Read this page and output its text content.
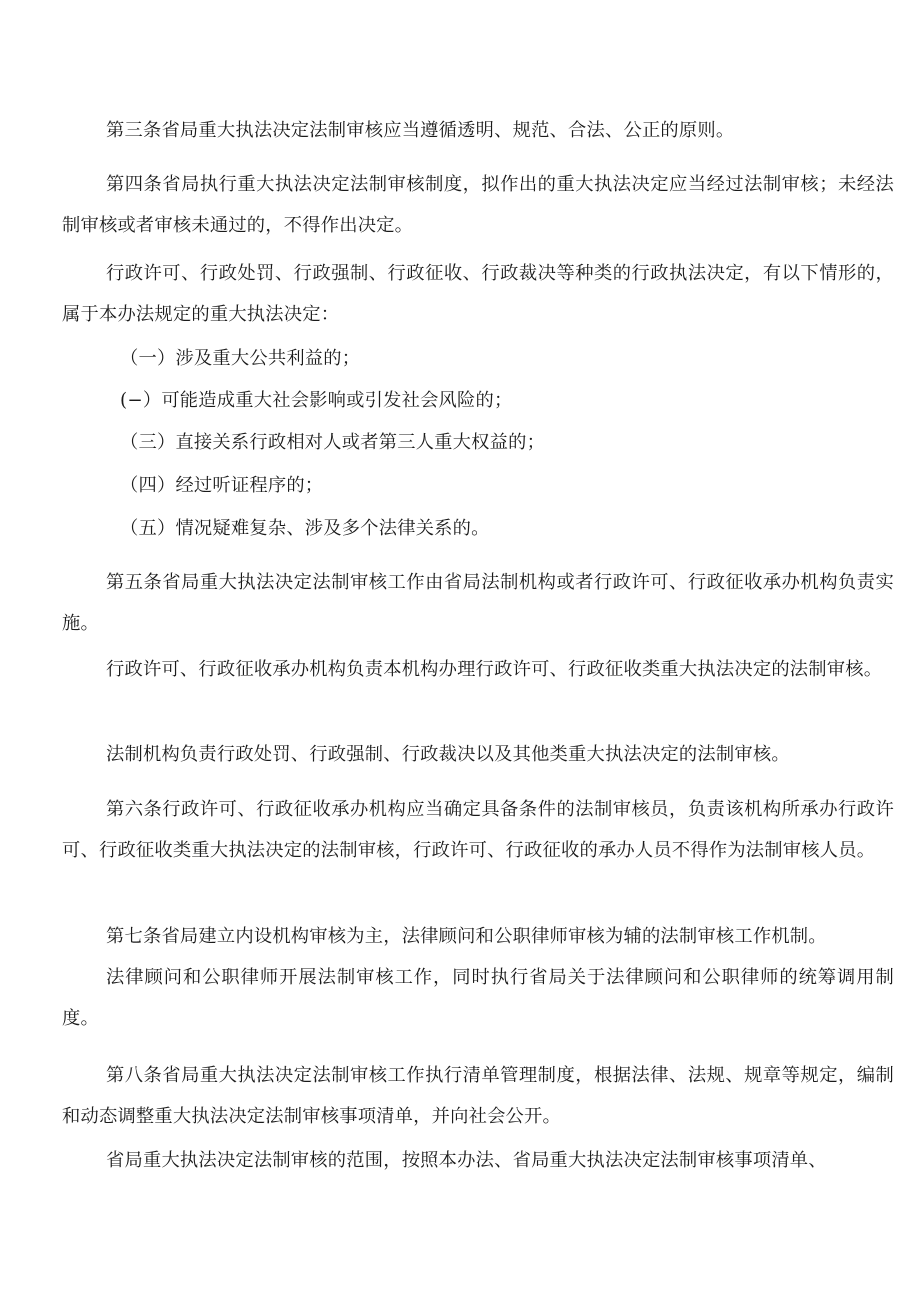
第三条省局重大执法决定法制审核应当遵循透明、规范、合法、公正的原则。

第四条省局执行重大执法决定法制审核制度，拟作出的重大执法决定应当经过法制审核；未经法制审核或者审核未通过的，不得作出决定。

行政许可、行政处罚、行政强制、行政征收、行政裁决等种类的行政执法决定，有以下情形的，属于本办法规定的重大执法决定：

（一）涉及重大公共利益的；

(−）可能造成重大社会影响或引发社会风险的；

（三）直接关系行政相对人或者第三人重大权益的；

（四）经过听证程序的；

（五）情况疑难复杂、涉及多个法律关系的。

第五条省局重大执法决定法制审核工作由省局法制机构或者行政许可、行政征收承办机构负责实施。

行政许可、行政征收承办机构负责本机构办理行政许可、行政征收类重大执法决定的法制审核。

法制机构负责行政处罚、行政强制、行政裁决以及其他类重大执法决定的法制审核。

第六条行政许可、行政征收承办机构应当确定具备条件的法制审核员，负责该机构所承办行政许可、行政征收类重大执法决定的法制审核，行政许可、行政征收的承办人员不得作为法制审核人员。

第七条省局建立内设机构审核为主，法律顾问和公职律师审核为辅的法制审核工作机制。

法律顾问和公职律师开展法制审核工作，同时执行省局关于法律顾问和公职律师的统筹调用制度。

第八条省局重大执法决定法制审核工作执行清单管理制度，根据法律、法规、规章等规定，编制和动态调整重大执法决定法制审核事项清单，并向社会公开。

省局重大执法决定法制审核的范围，按照本办法、省局重大执法决定法制审核事项清单、
